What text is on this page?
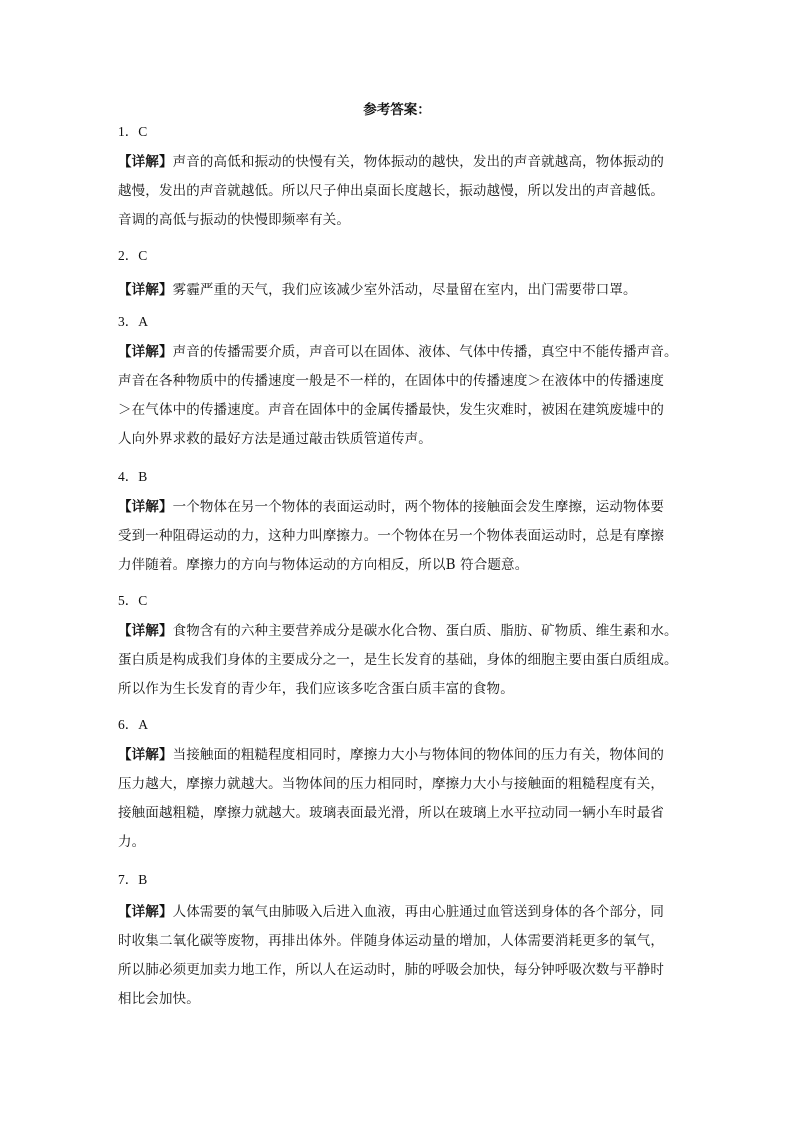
参考答案：
1．C
【详解】声音的高低和振动的快慢有关，物体振动的越快，发出的声音就越高，物体振动的
越慢，发出的声音就越低。所以尺子伸出桌面长度越长，振动越慢，所以发出的声音越低。
音调的高低与振动的快慢即频率有关。
2．C
【详解】雾霾严重的天气，我们应该减少室外活动，尽量留在室内，出门需要带口罩。
3．A
【详解】声音的传播需要介质，声音可以在固体、液体、气体中传播，真空中不能传播声音。
声音在各种物质中的传播速度一般是不一样的，在固体中的传播速度＞在液体中的传播速度
＞在气体中的传播速度。声音在固体中的金属传播最快，发生灾难时，被困在建筑废墟中的
人向外界求救的最好方法是通过敲击铁质管道传声。
4．B
【详解】一个物体在另一个物体的表面运动时，两个物体的接触面会发生摩擦，运动物体要
受到一种阻碍运动的力，这种力叫摩擦力。一个物体在另一个物体表面运动时，总是有摩擦
力伴随着。摩擦力的方向与物体运动的方向相反，所以B 符合题意。
5．C
【详解】食物含有的六种主要营养成分是碳水化合物、蛋白质、脂肪、矿物质、维生素和水。
蛋白质是构成我们身体的主要成分之一，是生长发育的基础，身体的细胞主要由蛋白质组成。
所以作为生长发育的青少年，我们应该多吃含蛋白质丰富的食物。
6．A
【详解】当接触面的粗糙程度相同时，摩擦力大小与物体间的物体间的压力有关，物体间的
压力越大，摩擦力就越大。当物体间的压力相同时，摩擦力大小与接触面的粗糙程度有关，
接触面越粗糙，摩擦力就越大。玻璃表面最光滑，所以在玻璃上水平拉动同一辆小车时最省
力。
7．B
【详解】人体需要的氧气由肺吸入后进入血液，再由心脏通过血管送到身体的各个部分，同
时收集二氧化碳等废物，再排出体外。伴随身体运动量的增加，人体需要消耗更多的氧气，
所以肺必须更加卖力地工作，所以人在运动时，肺的呼吸会加快，每分钟呼吸次数与平静时
相比会加快。
